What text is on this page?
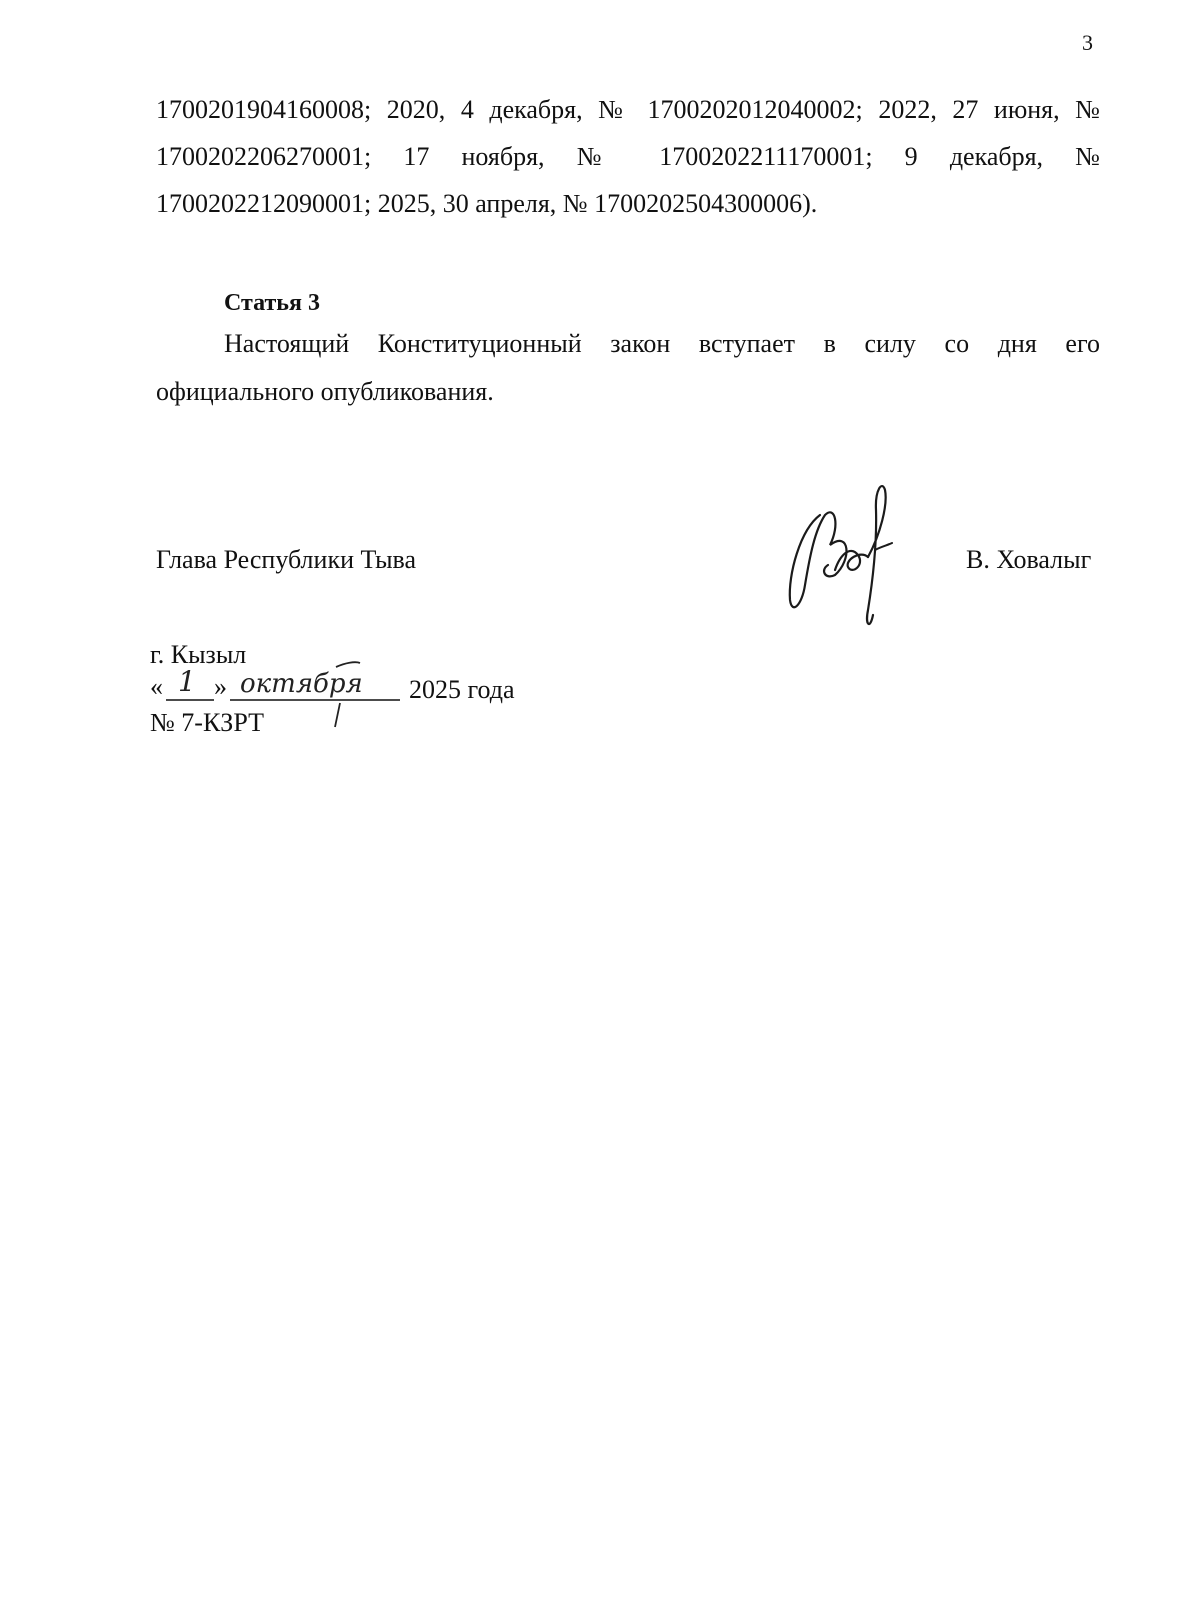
3
1700201904160008; 2020, 4 декабря, № 1700202012040002; 2022, 27 июня, №
1700202206270001; 17 ноября, № 1700202211170001; 9 декабря, №
1700202212090001; 2025, 30 апреля, № 1700202504300006).
Статья 3
Настоящий Конституционный закон вступает в силу со дня его
официального опубликования.
Глава Республики Тыва	В. Ховалыг
г. Кызыл
« 1 » октября 2025 года
№ 7-КЗРТ
